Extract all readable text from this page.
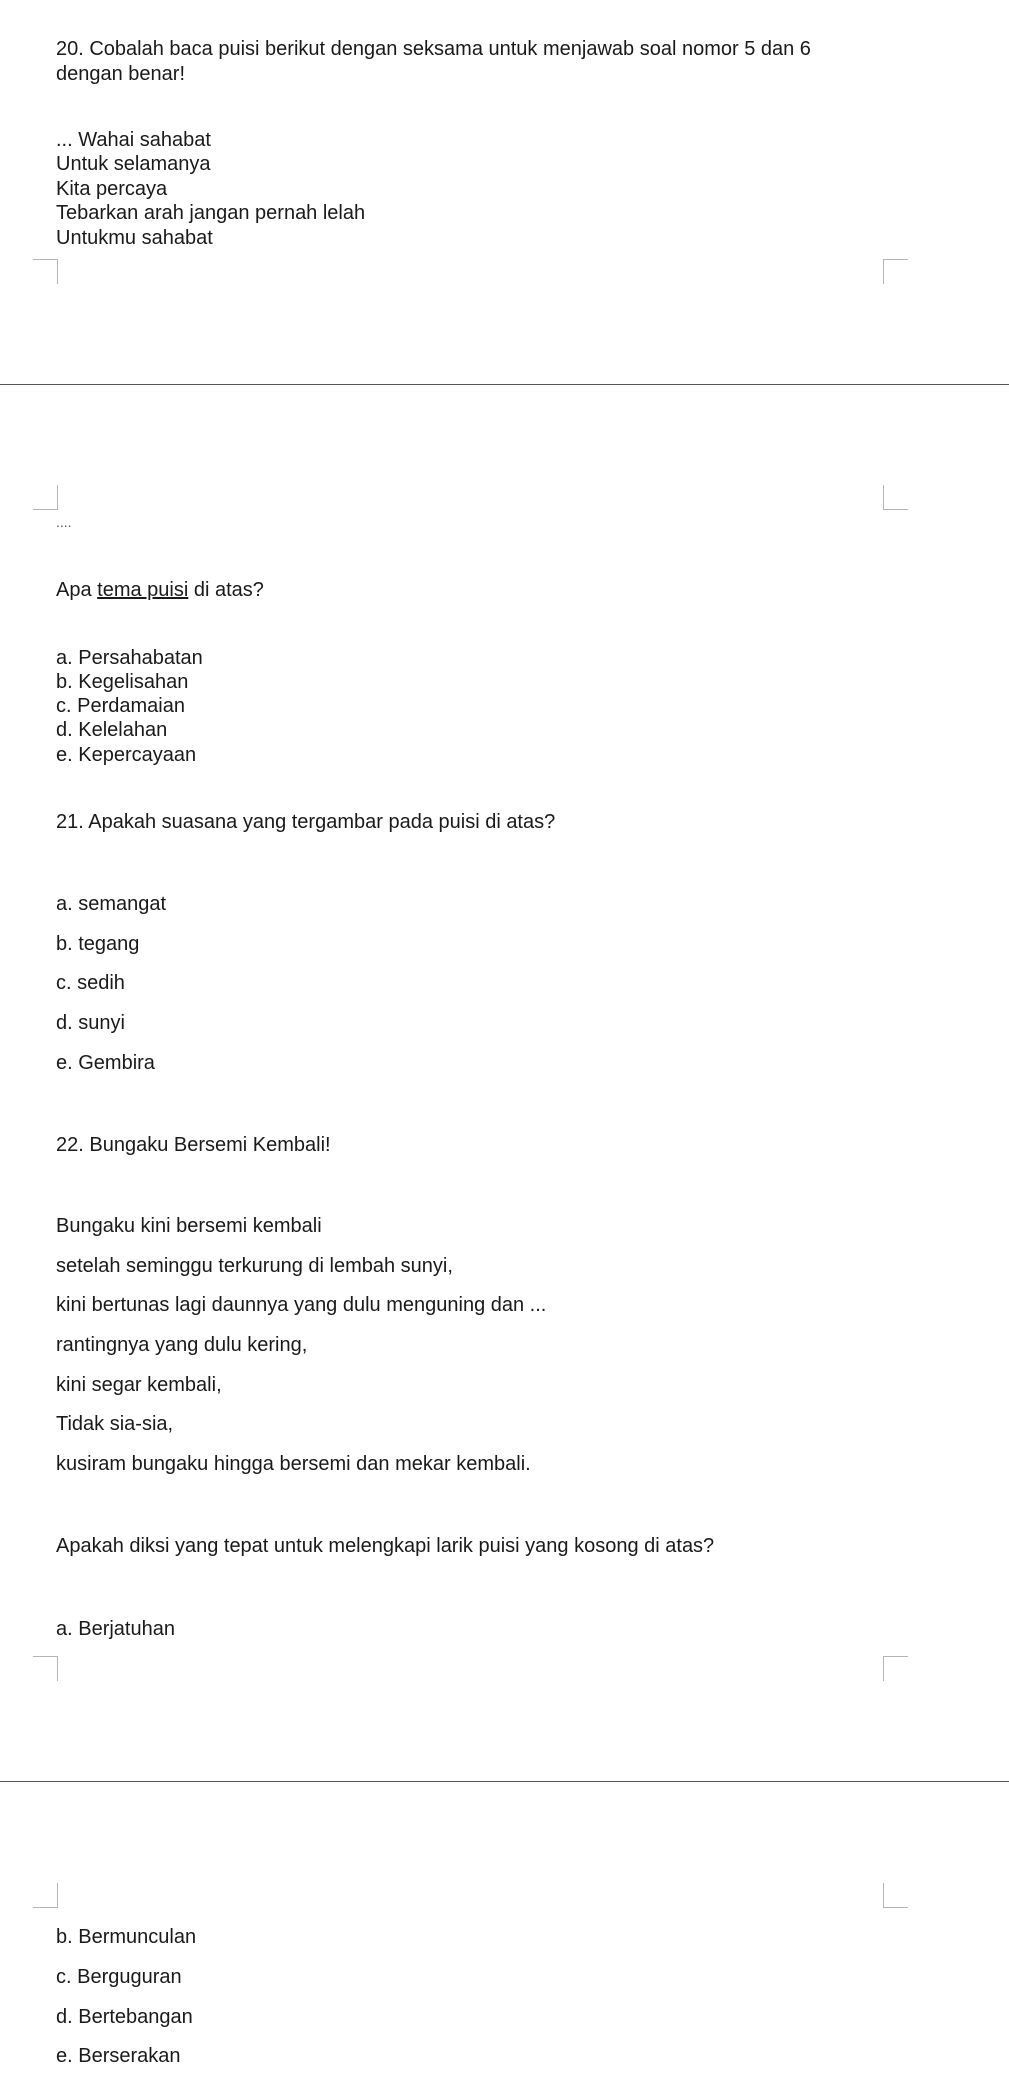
20. Cobalah baca puisi berikut dengan seksama untuk menjawab soal nomor 5 dan 6

dengan benar!

... Wahai sahabat

Untuk selamanya

Kita percaya

Tebarkan arah jangan pernah lelah

Untukmu sahabat

....

Apa tema puisi di atas?

a. Persahabatan

b. Kegelisahan

c. Perdamaian

d. Kelelahan

e. Kepercayaan

21. Apakah suasana yang tergambar pada puisi di atas?

a. semangat

b. tegang

c. sedih

d. sunyi

e. Gembira

22. Bungaku Bersemi Kembali!

Bungaku kini bersemi kembali

setelah seminggu terkurung di lembah sunyi,

kini bertunas lagi daunnya yang dulu menguning dan ...

rantingnya yang dulu kering,

kini segar kembali,

Tidak sia-sia,

kusiram bungaku hingga bersemi dan mekar kembali.

Apakah diksi yang tepat untuk melengkapi larik puisi yang kosong di atas?

a. Berjatuhan

b. Bermunculan

c. Berguguran

d. Bertebangan

e. Berserakan
